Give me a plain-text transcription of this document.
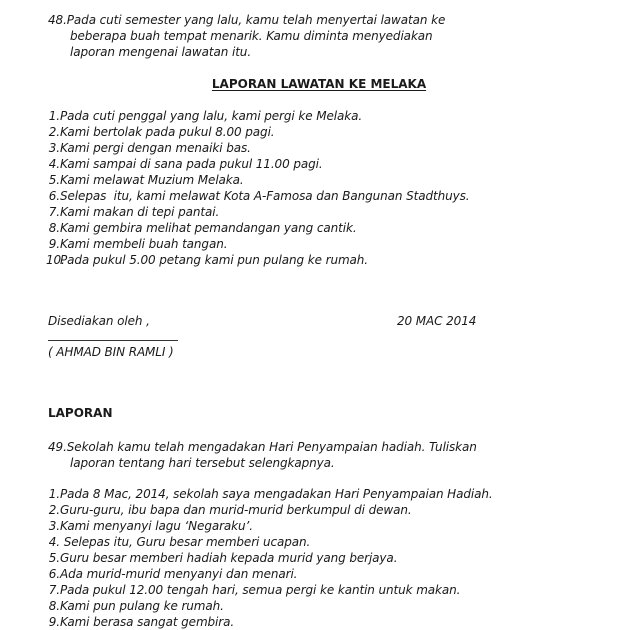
48.Pada cuti semester yang lalu, kamu telah menyertai lawatan ke
beberapa buah tempat menarik. Kamu diminta menyediakan
laporan mengenai lawatan itu.
LAPORAN LAWATAN KE MELAKA
1. Pada cuti penggal yang lalu, kami pergi ke Melaka.
2. Kami bertolak pada pukul 8.00 pagi.
3. Kami pergi dengan menaiki bas.
4. Kami sampai di sana pada pukul 11.00 pagi.
5. Kami melawat Muzium Melaka.
6. Selepas  itu, kami melawat Kota A-Famosa dan Bangunan Stadthuys.
7. Kami makan di tepi pantai.
8. Kami gembira melihat pemandangan yang cantik.
9. Kami membeli buah tangan.
10.
Pada pukul 5.00 petang kami pun pulang ke rumah.
Disediakan oleh ,	20 MAC 2014
( AHMAD BIN RAMLI )
LAPORAN
49.Sekolah kamu telah mengadakan Hari Penyampaian hadiah. Tuliskan
laporan tentang hari tersebut selengkapnya.
1. Pada 8 Mac, 2014, sekolah saya mengadakan Hari Penyampaian Hadiah.
2. Guru-guru, ibu bapa dan murid-murid berkumpul di dewan.
3. Kami menyanyi lagu ‘Negaraku’.
4. Selepas itu, Guru besar memberi ucapan.
5. Guru besar memberi hadiah kepada murid yang berjaya.
6. Ada murid-murid menyanyi dan menari.
7. Pada pukul 12.00 tengah hari, semua pergi ke kantin untuk makan.
8. Kami pun pulang ke rumah.
9. Kami berasa sangat gembira.
